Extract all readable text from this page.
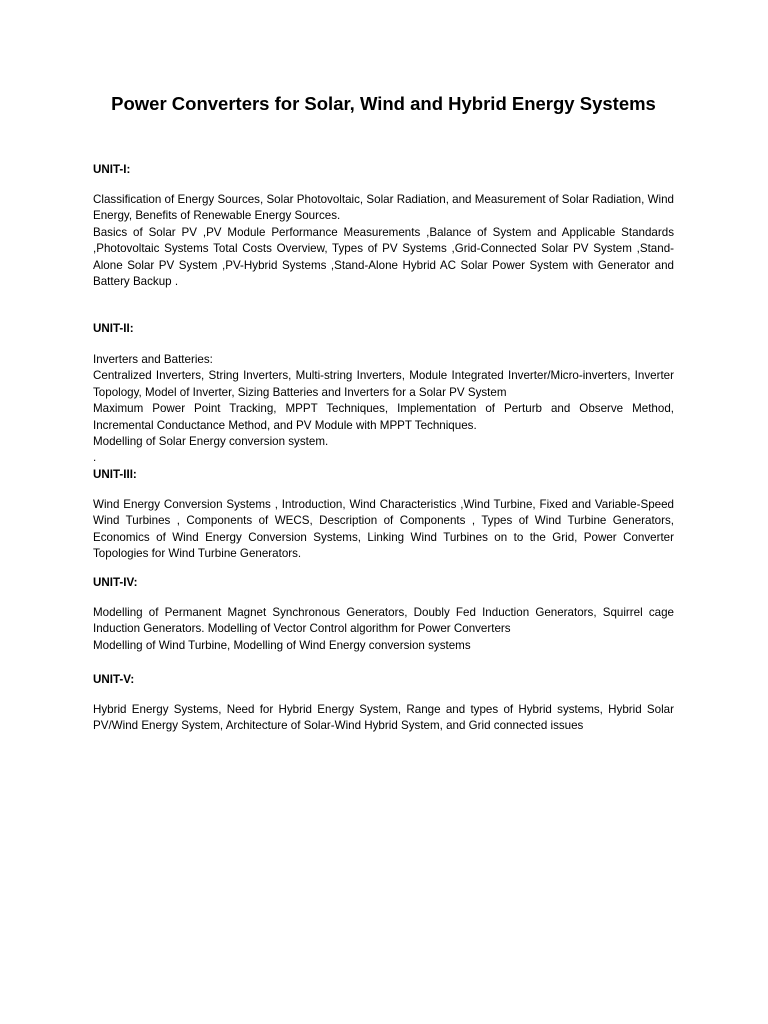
Power Converters for Solar, Wind and Hybrid Energy Systems
UNIT-I:

Classification of Energy Sources, Solar Photovoltaic, Solar Radiation, and Measurement of Solar Radiation, Wind Energy, Benefits of Renewable Energy Sources.

Basics of Solar PV ,PV Module Performance Measurements ,Balance of System and Applicable Standards ,Photovoltaic Systems Total Costs Overview, Types of PV Systems ,Grid-Connected Solar PV System ,Stand-Alone Solar PV System ,PV-Hybrid Systems ,Stand-Alone Hybrid AC Solar Power System with Generator and Battery Backup .

UNIT-II:

Inverters and Batteries:

Centralized Inverters, String Inverters, Multi-string Inverters, Module Integrated Inverter/Micro-inverters, Inverter Topology, Model of Inverter, Sizing Batteries and Inverters for a Solar PV System

Maximum Power Point Tracking, MPPT Techniques, Implementation of Perturb and Observe Method, Incremental Conductance Method, and PV Module with MPPT Techniques.

Modelling of Solar Energy conversion system.

.

UNIT-III:

Wind Energy Conversion Systems , Introduction, Wind Characteristics ,Wind Turbine, Fixed and Variable-Speed Wind Turbines , Components of WECS, Description of Components , Types of Wind Turbine Generators, Economics of Wind Energy Conversion Systems, Linking Wind Turbines on to the Grid, Power Converter Topologies for Wind Turbine Generators.

UNIT-IV:

Modelling of Permanent Magnet Synchronous Generators, Doubly Fed Induction Generators, Squirrel cage Induction Generators. Modelling of Vector Control algorithm for Power Converters

Modelling of Wind Turbine, Modelling of Wind Energy conversion systems

UNIT-V:

Hybrid Energy Systems, Need for Hybrid Energy System, Range and types of Hybrid systems, Hybrid Solar PV/Wind Energy System, Architecture of Solar-Wind Hybrid System, and Grid connected issues
